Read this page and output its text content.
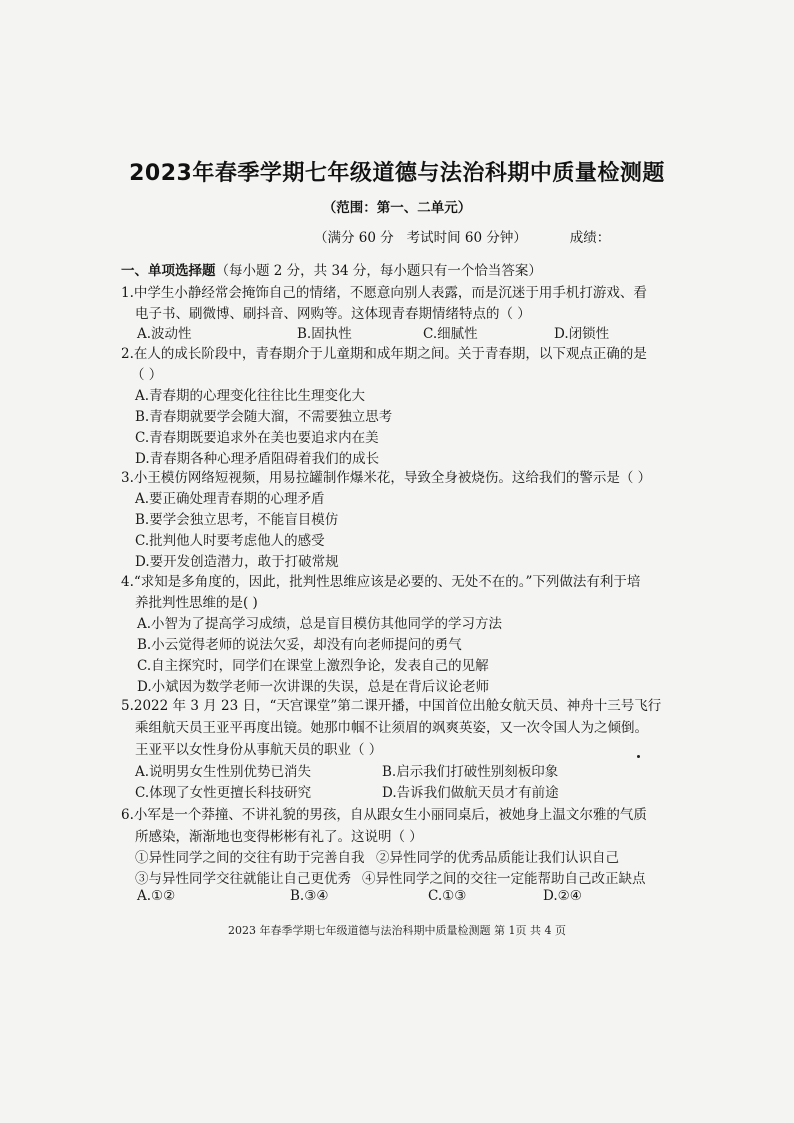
2023年春季学期七年级道德与法治科期中质量检测题
（范围：第一、二单元）
（满分 60 分   考试时间 60 分钟）          成绩：
一、单项选择题（每小题 2 分，共 34 分，每小题只有一个恰当答案）
1.中学生小静经常会掩饰自己的情绪，不愿意向别人表露，而是沉迷于用手机打游戏、看
电子书、刷微博、刷抖音、网购等。这体现青春期情绪特点的（ ）
A.波动性	B.固执性	C.细腻性	D.闭锁性
2.在人的成长阶段中，青春期介于儿童期和成年期之间。关于青春期，以下观点正确的是
（ ）
A.青春期的心理变化往往比生理变化大
B.青春期就要学会随大溜，不需要独立思考
C.青春期既要追求外在美也要追求内在美
D.青春期各种心理矛盾阻碍着我们的成长
3.小王模仿网络短视频，用易拉罐制作爆米花，导致全身被烧伤。这给我们的警示是（ ）
A.要正确处理青春期的心理矛盾
B.要学会独立思考，不能盲目模仿
C.批判他人时要考虑他人的感受
D.要开发创造潜力，敢于打破常规
4.“求知是多角度的，因此，批判性思维应该是必要的、无处不在的。”下列做法有利于培
养批判性思维的是( )
A.小智为了提高学习成绩，总是盲目模仿其他同学的学习方法
B.小云觉得老师的说法欠妥，却没有向老师提问的勇气
C.自主探究时，同学们在课堂上激烈争论，发表自己的见解
D.小斌因为数学老师一次讲课的失误，总是在背后议论老师
5.2022 年 3 月 23 日，“天宫课堂”第二课开播，中国首位出舱女航天员、神舟十三号飞行
乘组航天员王亚平再度出镜。她那巾帼不让须眉的飒爽英姿，又一次令国人为之倾倒。
王亚平以女性身份从事航天员的职业（ ）
A.说明男女生性别优势已消失	B.启示我们打破性别刻板印象
C.体现了女性更擅长科技研究	D.告诉我们做航天员才有前途
6.小军是一个莽撞、不讲礼貌的男孩，自从跟女生小丽同桌后，被她身上温文尔雅的气质
所感染，渐渐地也变得彬彬有礼了。这说明（ ）
①异性同学之间的交往有助于完善自我 ②异性同学的优秀品质能让我们认识自己
③与异性同学交往就能让自己更优秀 ④异性同学之间的交往一定能帮助自己改正缺点
A.①②	B.③④	C.①③	D.②④
2023 年春季学期七年级道德与法治科期中质量检测题 第 1页 共 4 页
